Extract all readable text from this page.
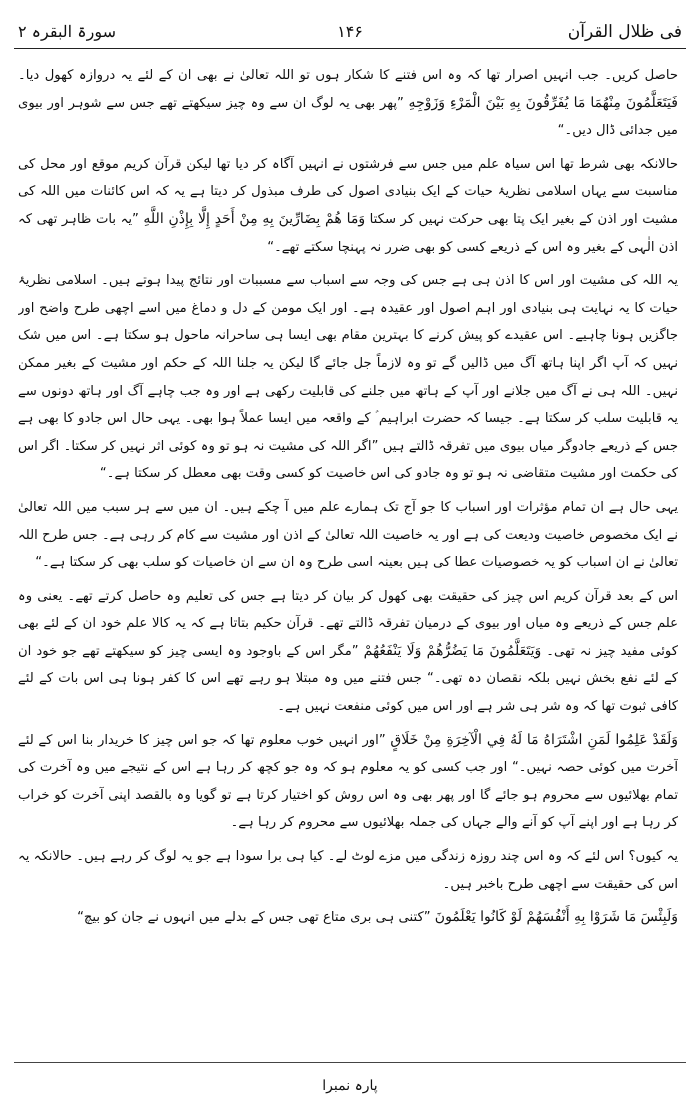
فی ظلال القرآن
۱۴۶
سورۃ البقرہ ۲

حاصل کریں۔ جب انہیں اصرار تھا کہ وہ اس فتنے کا شکار ہوں تو اللہ تعالیٰ نے بھی ان کے لئے یہ دروازہ کھول دیا۔ فَيَتَعَلَّمُونَ مِنْهُمَا مَا يُفَرِّقُونَ بِهِ بَيْنَ الْمَرْءِ وَزَوْجِهِ ”پھر بھی یہ لوگ ان سے وہ چیز سیکھتے تھے جس سے شوہر اور بیوی میں جدائی ڈال دیں۔“

حالانکہ بھی شرط تھا اس سیاہ علم میں جس سے فرشتوں نے انہیں آگاہ کر دیا تھا لیکن قرآن کریم موقع اور محل کی مناسبت سے یہاں اسلامی نظریۂ حیات کے ایک بنیادی اصول کی طرف مبذول کر دیتا ہے یہ کہ اس کائنات میں اللہ کی مشیت اور اذن کے بغیر ایک پتا بھی حرکت نہیں کر سکتا وَمَا هُمْ بِضَارِّينَ بِهِ مِنْ أَحَدٍ إِلَّا بِإِذْنِ اللَّهِ ”یہ بات ظاہر تھی کہ اذن الٰہی کے بغیر وہ اس کے ذریعے کسی کو بھی ضرر نہ پہنچا سکتے تھے۔“

یہ اللہ کی مشیت اور اس کا اذن ہی ہے جس کی وجہ سے اسباب سے مسببات اور نتائج پیدا ہوتے ہیں۔ اسلامی نظریۂ حیات کا یہ نہایت ہی بنیادی اور اہم اصول اور عقیدہ ہے۔ اور ایک مومن کے دل و دماغ میں اسے اچھی طرح واضح اور جاگزیں ہونا چاہیے۔ اس عقیدے کو پیش کرنے کا بہترین مقام بھی ایسا ہی ساحرانہ ماحول ہو سکتا ہے۔ اس میں شک نہیں کہ آپ اگر اپنا ہاتھ آگ میں ڈالیں گے تو وہ لازماً جل جائے گا لیکن یہ جلنا اللہ کے حکم اور مشیت کے بغیر ممکن نہیں۔ اللہ ہی نے آگ میں جلانے اور آپ کے ہاتھ میں جلنے کی قابلیت رکھی ہے اور وہ جب چاہے آگ اور ہاتھ دونوں سے یہ قابلیت سلب کر سکتا ہے۔ جیسا کہ حضرت ابراہیم ؑ کے واقعہ میں ایسا عملاً ہوا بھی۔ یہی حال اس جادو کا بھی ہے جس کے ذریعے جادوگر میاں بیوی میں تفرقہ ڈالتے ہیں ”اگر اللہ کی مشیت نہ ہو تو وہ کوئی اثر نہیں کر سکتا۔ اگر اس کی حکمت اور مشیت متقاضی نہ ہو تو وہ جادو کی اس خاصیت کو کسی وقت بھی معطل کر سکتا ہے۔“

یہی حال ہے ان تمام مؤثرات اور اسباب کا جو آج تک ہمارے علم میں آ چکے ہیں۔ ان میں سے ہر سبب میں اللہ تعالیٰ نے ایک مخصوص خاصیت ودیعت کی ہے اور یہ خاصیت اللہ تعالیٰ کے اذن اور مشیت سے کام کر رہی ہے۔ جس طرح اللہ تعالیٰ نے ان اسباب کو یہ خصوصیات عطا کی ہیں بعینہ اسی طرح وہ ان سے ان خاصیات کو سلب بھی کر سکتا ہے۔“

اس کے بعد قرآن کریم اس چیز کی حقیقت بھی کھول کر بیان کر دیتا ہے جس کی تعلیم وہ حاصل کرتے تھے۔ یعنی وہ علم جس کے ذریعے وہ میاں اور بیوی کے درمیان تفرقہ ڈالتے تھے۔ قرآن حکیم بتاتا ہے کہ یہ کالا علم خود ان کے لئے بھی کوئی مفید چیز نہ تھی۔ وَيَتَعَلَّمُونَ مَا يَضُرُّهُمْ وَلَا يَنْفَعُهُمْ ”مگر اس کے باوجود وہ ایسی چیز کو سیکھتے تھے جو خود ان کے لئے نفع بخش نہیں بلکہ نقصان دہ تھی۔“ جس فتنے میں وہ مبتلا ہو رہے تھے اس کا کفر ہونا ہی اس بات کے لئے کافی ثبوت تھا کہ وہ شر ہی شر ہے اور اس میں کوئی منفعت نہیں ہے۔

وَلَقَدْ عَلِمُوا لَمَنِ اشْتَرَاهُ مَا لَهُ فِي الْآخِرَةِ مِنْ خَلَاقٍ ”اور انہیں خوب معلوم تھا کہ جو اس چیز کا خریدار بنا اس کے لئے آخرت میں کوئی حصہ نہیں۔“ اور جب کسی کو یہ معلوم ہو کہ وہ جو کچھ کر رہا ہے اس کے نتیجے میں وہ آخرت کی تمام بھلائیوں سے محروم ہو جائے گا اور پھر بھی وہ اس روش کو اختیار کرتا ہے تو گویا وہ بالقصد اپنی آخرت کو خراب کر رہا ہے اور اپنے آپ کو آنے والے جہاں کی جملہ بھلائیوں سے محروم کر رہا ہے۔

یہ کیوں؟ اس لئے کہ وہ اس چند روزہ زندگی میں مزے لوٹ لے۔ کیا ہی برا سودا ہے جو یہ لوگ کر رہے ہیں۔ حالانکہ یہ اس کی حقیقت سے اچھی طرح باخبر ہیں۔

وَلَبِئْسَ مَا شَرَوْا بِهِ أَنْفُسَهُمْ لَوْ كَانُوا يَعْلَمُونَ ”کتنی ہی بری متاع تھی جس کے بدلے میں انہوں نے جان کو بیچ“

پارہ نمبرا
